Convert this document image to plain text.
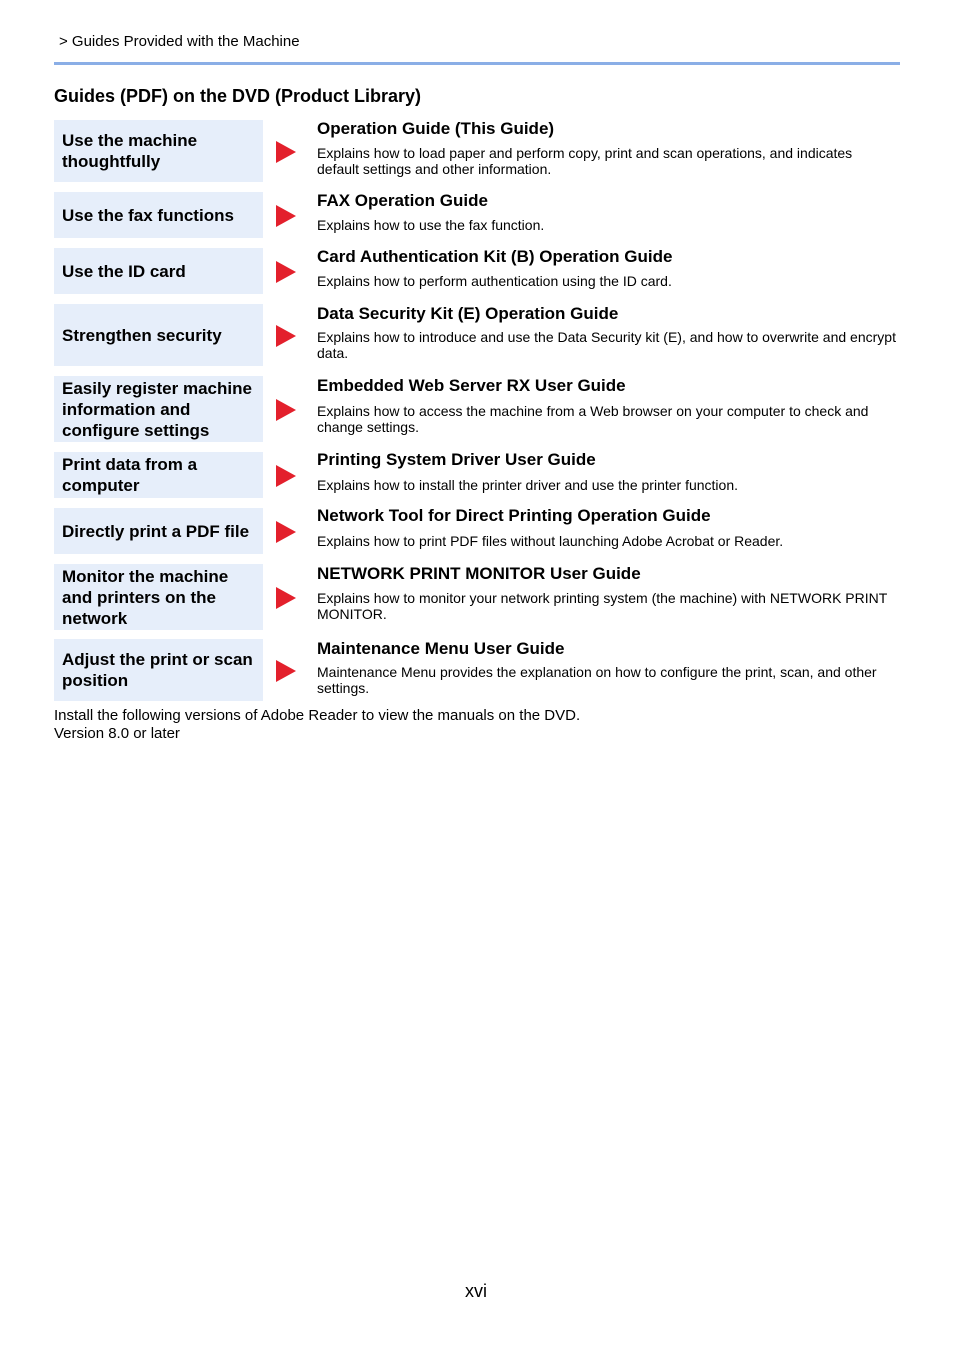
> Guides Provided with the Machine
Guides (PDF) on the DVD (Product Library)
Use the machine thoughtfully
Operation Guide (This Guide)
Explains how to load paper and perform copy, print and scan operations, and indicates default settings and other information.
Use the fax functions
FAX Operation Guide
Explains how to use the fax function.
Use the ID card
Card Authentication Kit (B) Operation Guide
Explains how to perform authentication using the ID card.
Strengthen security
Data Security Kit (E) Operation Guide
Explains how to introduce and use the Data Security kit (E), and how to overwrite and encrypt data.
Easily register machine information and configure settings
Embedded Web Server RX User Guide
Explains how to access the machine from a Web browser on your computer to check and change settings.
Print data from a computer
Printing System Driver User Guide
Explains how to install the printer driver and use the printer function.
Directly print a PDF file
Network Tool for Direct Printing Operation Guide
Explains how to print PDF files without launching Adobe Acrobat or Reader.
Monitor the machine and printers on the network
NETWORK PRINT MONITOR User Guide
Explains how to monitor your network printing system (the machine) with NETWORK PRINT MONITOR.
Adjust the print or scan position
Maintenance Menu User Guide
Maintenance Menu provides the explanation on how to configure the print, scan, and other settings.
Install the following versions of Adobe Reader to view the manuals on the DVD.
Version 8.0 or later
xvi
